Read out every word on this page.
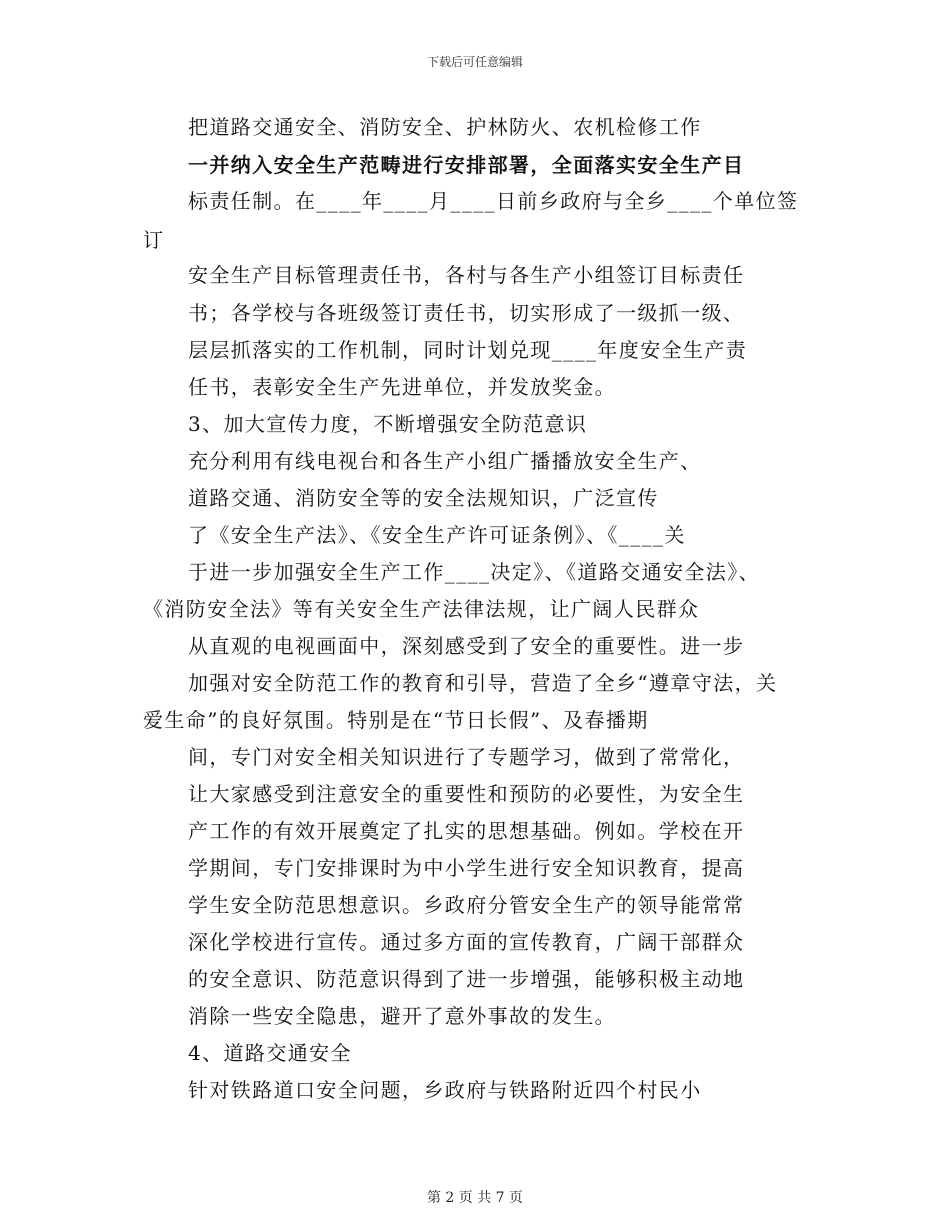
下载后可任意编辑
把道路交通安全、消防安全、护林防火、农机检修工作
一并纳入安全生产范畴进行安排部署，全面落实安全生产目
标责任制。在____年____月____日前乡政府与全乡____个单位签
订
安全生产目标管理责任书，各村与各生产小组签订目标责任
书；各学校与各班级签订责任书，切实形成了一级抓一级、
层层抓落实的工作机制，同时计划兑现____年度安全生产责
任书，表彰安全生产先进单位，并发放奖金。
3、加大宣传力度，不断增强安全防范意识
充分利用有线电视台和各生产小组广播播放安全生产、
道路交通、消防安全等的安全法规知识，广泛宣传
了《安全生产法》、《安全生产许可证条例》、《____关
于进一步加强安全生产工作____决定》、《道路交通安全法》、
《消防安全法》等有关安全生产法律法规，让广阔人民群众
从直观的电视画面中，深刻感受到了安全的重要性。进一步
加强对安全防范工作的教育和引导，营造了全乡“遵章守法，关
爱生命”的良好氛围。特别是在“节日长假”、及春播期
间，专门对安全相关知识进行了专题学习，做到了常常化，
让大家感受到注意安全的重要性和预防的必要性，为安全生
产工作的有效开展奠定了扎实的思想基础。例如。学校在开
学期间，专门安排课时为中小学生进行安全知识教育，提高
学生安全防范思想意识。乡政府分管安全生产的领导能常常
深化学校进行宣传。通过多方面的宣传教育，广阔干部群众
的安全意识、防范意识得到了进一步增强，能够积极主动地
消除一些安全隐患，避开了意外事故的发生。
4、道路交通安全
针对铁路道口安全问题，乡政府与铁路附近四个村民小
第 2 页 共 7 页
